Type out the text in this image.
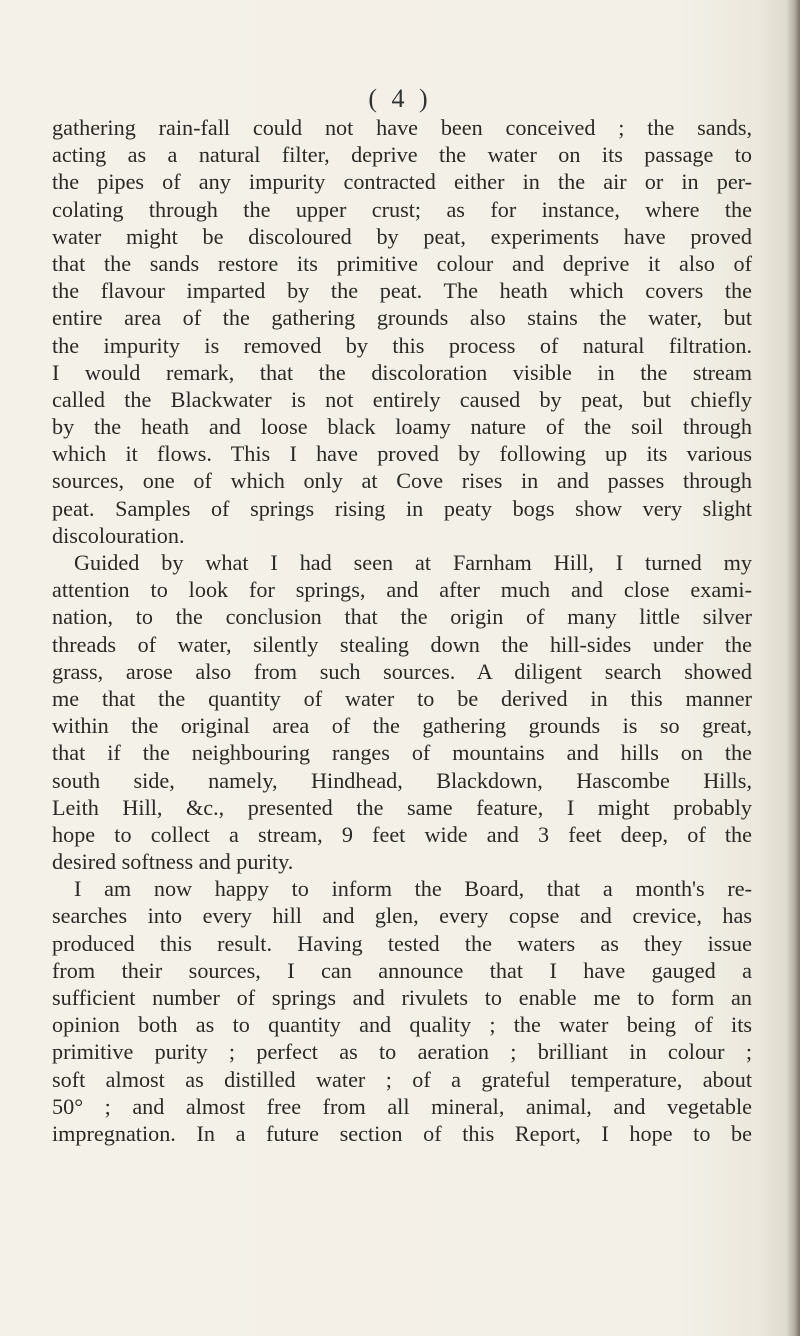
( 4 )
gathering rain-fall could not have been conceived ; the sands,
acting as a natural filter, deprive the water on its passage to
the pipes of any impurity contracted either in the air or in per-
colating through the upper crust; as for instance, where the
water might be discoloured by peat, experiments have proved
that the sands restore its primitive colour and deprive it also of
the flavour imparted by the peat. The heath which covers the
entire area of the gathering grounds also stains the water, but
the impurity is removed by this process of natural filtration.
I would remark, that the discoloration visible in the stream
called the Blackwater is not entirely caused by peat, but chiefly
by the heath and loose black loamy nature of the soil through
which it flows. This I have proved by following up its various
sources, one of which only at Cove rises in and passes through
peat. Samples of springs rising in peaty bogs show very slight
discolouration.
Guided by what I had seen at Farnham Hill, I turned my
attention to look for springs, and after much and close exami-
nation, to the conclusion that the origin of many little silver
threads of water, silently stealing down the hill-sides under the
grass, arose also from such sources. A diligent search showed
me that the quantity of water to be derived in this manner
within the original area of the gathering grounds is so great,
that if the neighbouring ranges of mountains and hills on the
south side, namely, Hindhead, Blackdown, Hascombe Hills,
Leith Hill, &c., presented the same feature, I might probably
hope to collect a stream, 9 feet wide and 3 feet deep, of the
desired softness and purity.
I am now happy to inform the Board, that a month's re-
searches into every hill and glen, every copse and crevice, has
produced this result. Having tested the waters as they issue
from their sources, I can announce that I have gauged a
sufficient number of springs and rivulets to enable me to form an
opinion both as to quantity and quality ; the water being of its
primitive purity ; perfect as to aeration ; brilliant in colour ;
soft almost as distilled water ; of a grateful temperature, about
50° ; and almost free from all mineral, animal, and vegetable
impregnation. In a future section of this Report, I hope to be
